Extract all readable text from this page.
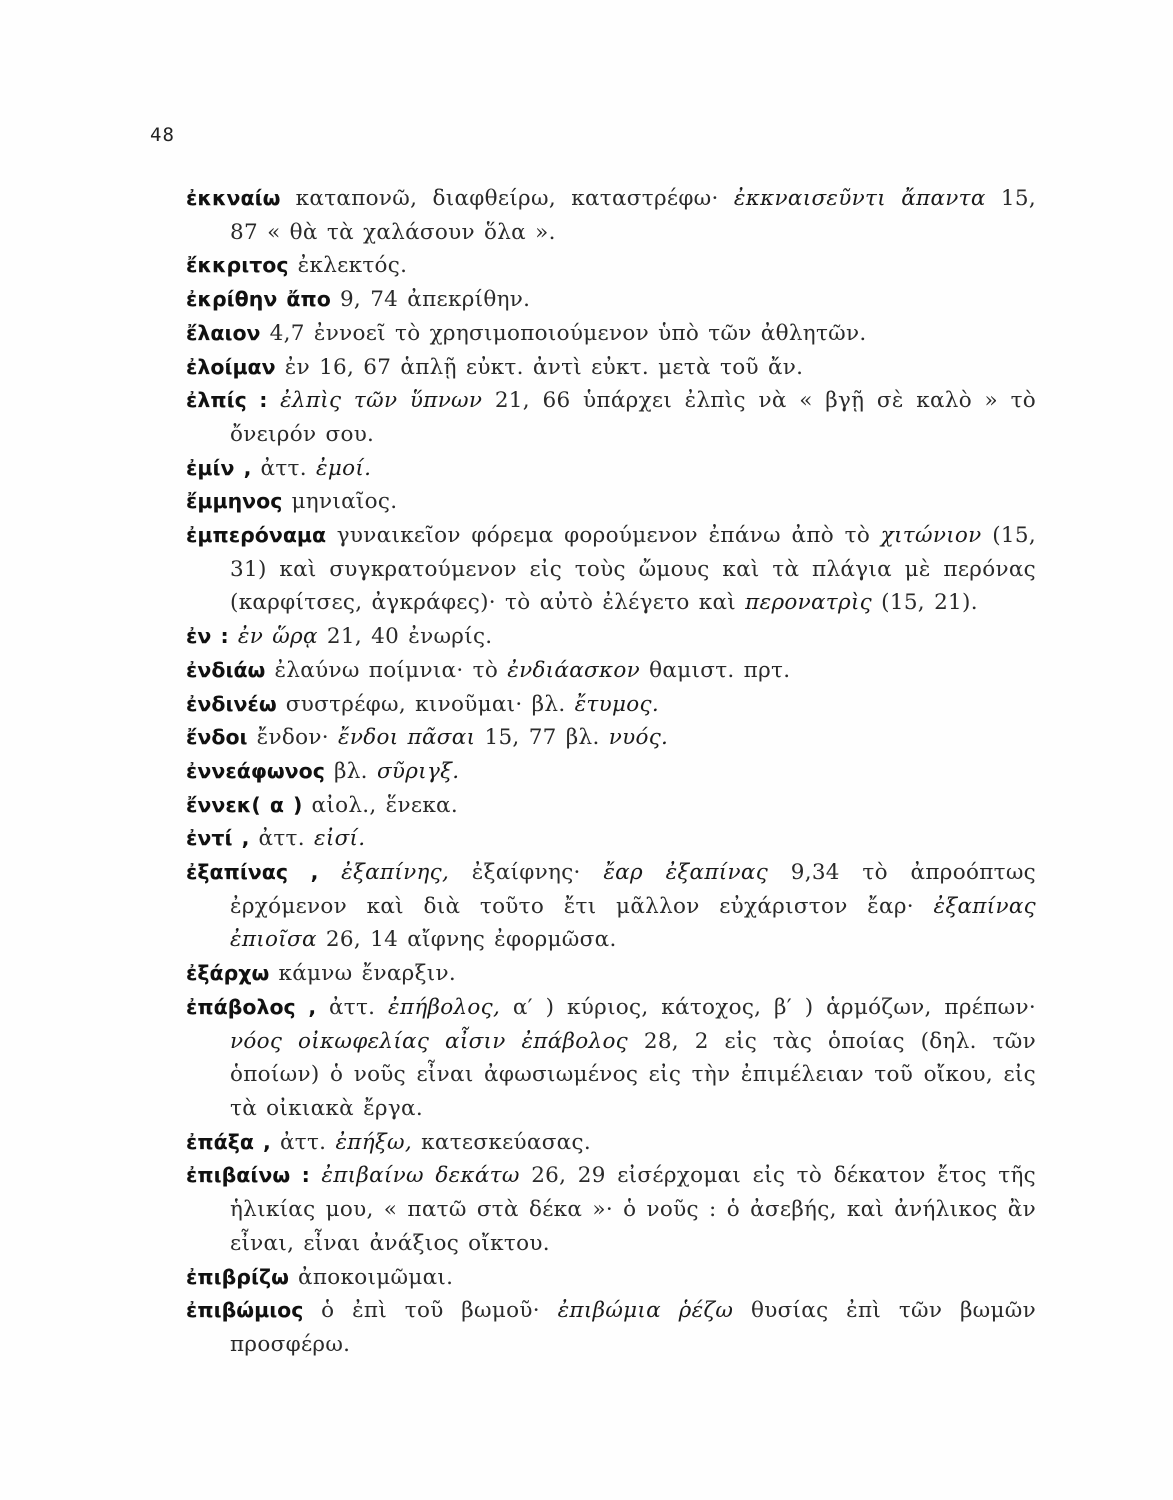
48
ἐκκναίω καταπονῶ, διαφθείρω, καταστρέφω· ἐκκναισεῦντι ἄπαντα 15, 87 « θὰ τὰ χαλάσουν ὅλα ».
ἔκκριτος ἐκλεκτός.
ἐκρίθην ἄπο 9, 74 ἀπεκρίθην.
ἔλαιον 4,7 ἐννοεῖ τὸ χρησιμοποιούμενον ὑπὸ τῶν ἀθλητῶν.
ἐλοίμαν ἐν 16, 67 ἁπλῇ εὐκτ. ἀντὶ εὐκτ. μετὰ τοῦ ἄν.
ἐλπίς : ἐλπὶς τῶν ὕπνων 21, 66 ὑπάρχει ἐλπὶς νὰ « βγῇ σὲ καλὸ » τὸ ὄνειρόν σου.
ἐμίν , ἀττ. ἐμοί.
ἔμμηνος μηνιαῖος.
ἐμπερόναμα γυναικεῖον φόρεμα φορούμενον ἐπάνω ἀπὸ τὸ χιτώνιον (15, 31) καὶ συγκρατούμενον εἰς τοὺς ὤμους καὶ τὰ πλάγια μὲ περόνας (καρφίτσες, ἀγκράφες)· τὸ αὐτὸ ἐλέγετο καὶ περονατρὶς (15, 21).
ἐν : ἐν ὥρᾳ 21, 40 ἐνωρίς.
ἐνδιάω ἐλαύνω ποίμνια· τὸ ἐνδιάασκον θαμιστ. πρτ.
ἐνδινέω συστρέφω, κινοῦμαι· βλ. ἔτυμος.
ἔνδοι ἔνδον· ἔνδοι πᾶσαι 15, 77 βλ. νυός.
ἐννεάφωνος βλ. σῦριγξ.
ἔννεκ( α ) αἰολ., ἕνεκα.
ἐντί , ἀττ. εἰσί.
ἐξαπίνας , ἐξαπίνης, ἐξαίφνης· ἔαρ ἐξαπίνας 9,34 τὸ ἀπροόπτως ἐρχόμενον καὶ διὰ τοῦτο ἔτι μᾶλλον εὐχάριστον ἔαρ· ἐξαπίνας ἐπιοῖσα 26, 14 αἴφνης ἐφορμῶσα.
ἐξάρχω κάμνω ἔναρξιν.
ἐπάβολος , ἀττ. ἐπήβολος, α′ ) κύριος, κάτοχος, β′ ) ἁρμόζων, πρέπων· νόος οἰκωφελίας αἶσιν ἐπάβολος 28, 2 εἰς τὰς ὁποίας (δηλ. τῶν ὁποίων) ὁ νοῦς εἶναι ἀφωσιωμένος εἰς τὴν ἐπιμέλειαν τοῦ οἴκου, εἰς τὰ οἰκιακὰ ἔργα.
ἐπάξα , ἀττ. ἐπήξω, κατεσκεύασας.
ἐπιβαίνω : ἐπιβαίνω δεκάτω 26, 29 εἰσέρχομαι εἰς τὸ δέκατον ἔτος τῆς ἡλικίας μου, « πατῶ στὰ δέκα »· ὁ νοῦς : ὁ ἀσεβής, καὶ ἀνήλικος ἂν εἶναι, εἶναι ἀνάξιος οἴκτου.
ἐπιβρίζω ἀποκοιμῶμαι.
ἐπιβώμιος ὁ ἐπὶ τοῦ βωμοῦ· ἐπιβώμια ῥέζω θυσίας ἐπὶ τῶν βωμῶν προσφέρω.
